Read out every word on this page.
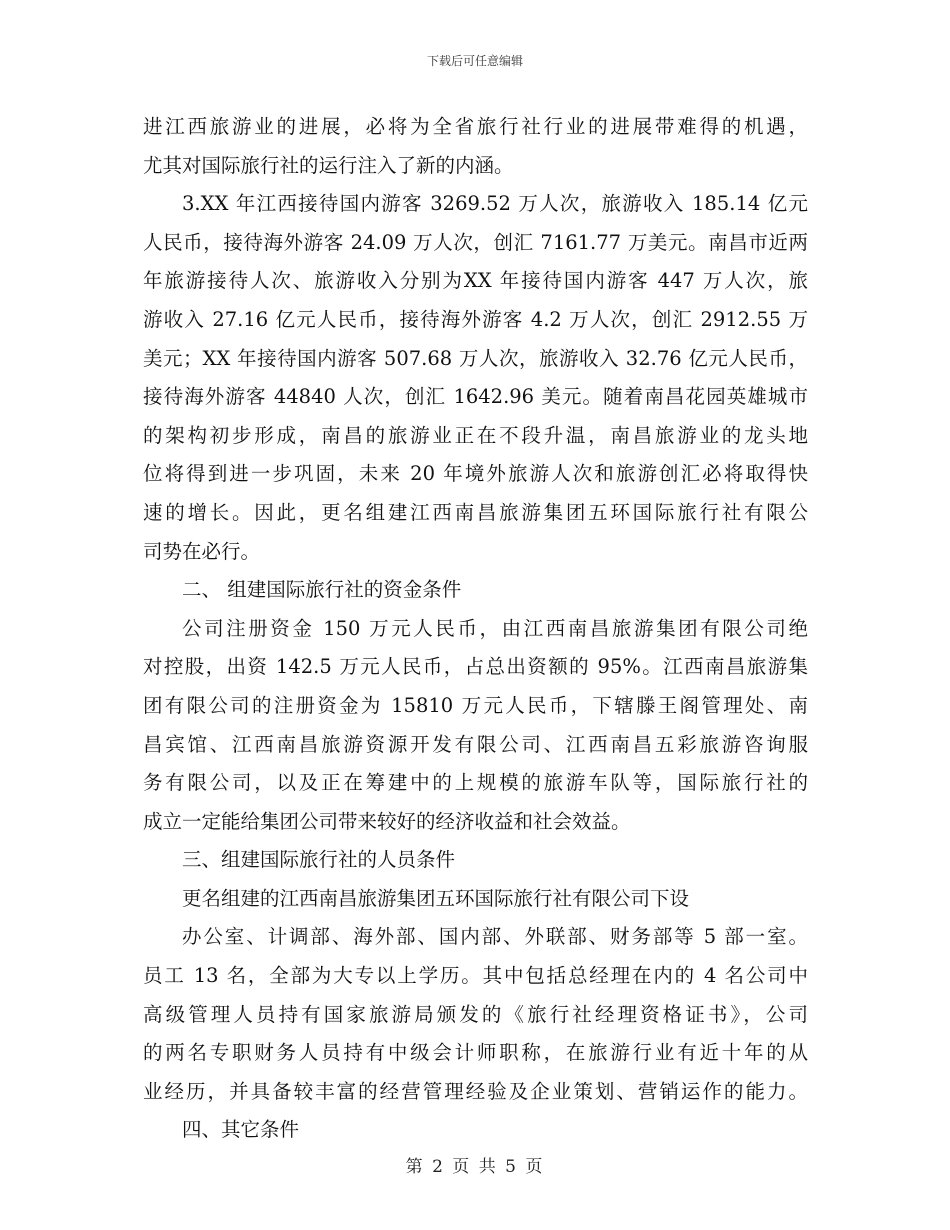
下载后可任意编辑
进江西旅游业的进展，必将为全省旅行社行业的进展带难得的机遇，
尤其对国际旅行社的运行注入了新的内涵。
3.XX 年江西接待国内游客 3269.52 万人次，旅游收入 185.14 亿元
人民币，接待海外游客 24.09 万人次，创汇 7161.77 万美元。南昌市近两
年旅游接待人次、旅游收入分别为XX 年接待国内游客 447 万人次，旅
游收入 27.16 亿元人民币，接待海外游客 4.2 万人次，创汇 2912.55 万
美元；XX 年接待国内游客 507.68 万人次，旅游收入 32.76 亿元人民币，
接待海外游客 44840 人次，创汇 1642.96 美元。随着南昌花园英雄城市
的架构初步形成，南昌的旅游业正在不段升温，南昌旅游业的龙头地
位将得到进一步巩固，未来 20 年境外旅游人次和旅游创汇必将取得快
速的增长。因此，更名组建江西南昌旅游集团五环国际旅行社有限公
司势在必行。
二、 组建国际旅行社的资金条件
公司注册资金 150 万元人民币，由江西南昌旅游集团有限公司绝
对控股，出资 142.5 万元人民币，占总出资额的 95%。江西南昌旅游集
团有限公司的注册资金为 15810 万元人民币，下辖滕王阁管理处、南
昌宾馆、江西南昌旅游资源开发有限公司、江西南昌五彩旅游咨询服
务有限公司，以及正在筹建中的上规模的旅游车队等，国际旅行社的
成立一定能给集团公司带来较好的经济收益和社会效益。
三、组建国际旅行社的人员条件
更名组建的江西南昌旅游集团五环国际旅行社有限公司下设
办公室、计调部、海外部、国内部、外联部、财务部等 5 部一室。
员工 13 名，全部为大专以上学历。其中包括总经理在内的 4 名公司中
高级管理人员持有国家旅游局颁发的《旅行社经理资格证书》，公司
的两名专职财务人员持有中级会计师职称，在旅游行业有近十年的从
业经历，并具备较丰富的经营管理经验及企业策划、营销运作的能力。
四、其它条件
第 2 页 共 5 页
